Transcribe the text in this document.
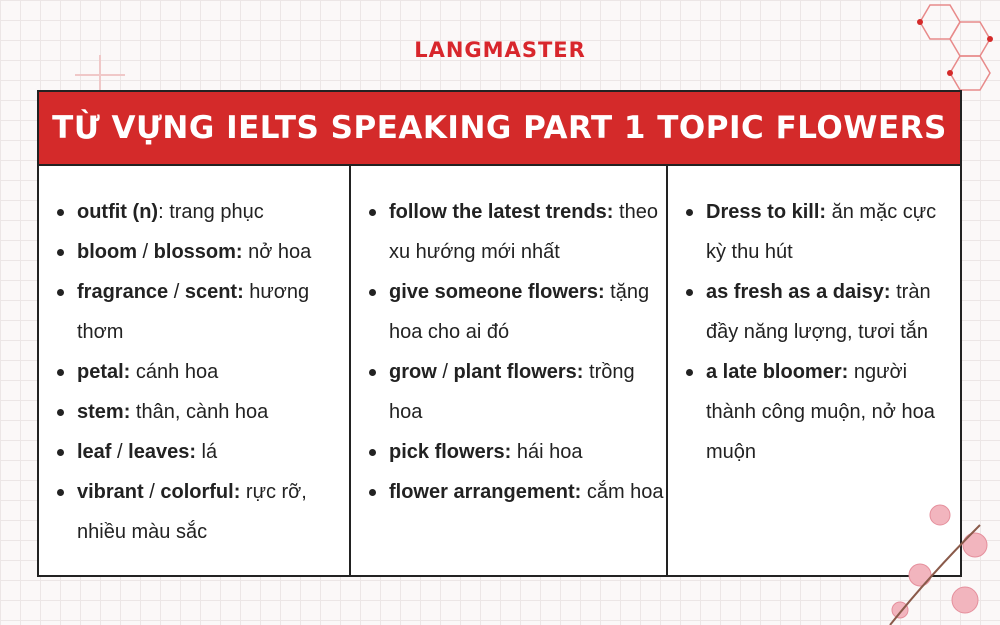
LANGMASTER
TỪ VỰNG IELTS SPEAKING PART 1 TOPIC FLOWERS
outfit (n): trang phục
bloom / blossom: nở hoa
fragrance / scent: hương thơm
petal: cánh hoa
stem: thân, cành hoa
leaf / leaves: lá
vibrant / colorful: rực rỡ, nhiều màu sắc
follow the latest trends: theo xu hướng mới nhất
give someone flowers: tặng hoa cho ai đó
grow / plant flowers: trồng hoa
pick flowers: hái hoa
flower arrangement: cắm hoa
Dress to kill: ăn mặc cực kỳ thu hút
as fresh as a daisy: tràn đầy năng lượng, tươi tắn
a late bloomer: người thành công muộn, nở hoa muộn
